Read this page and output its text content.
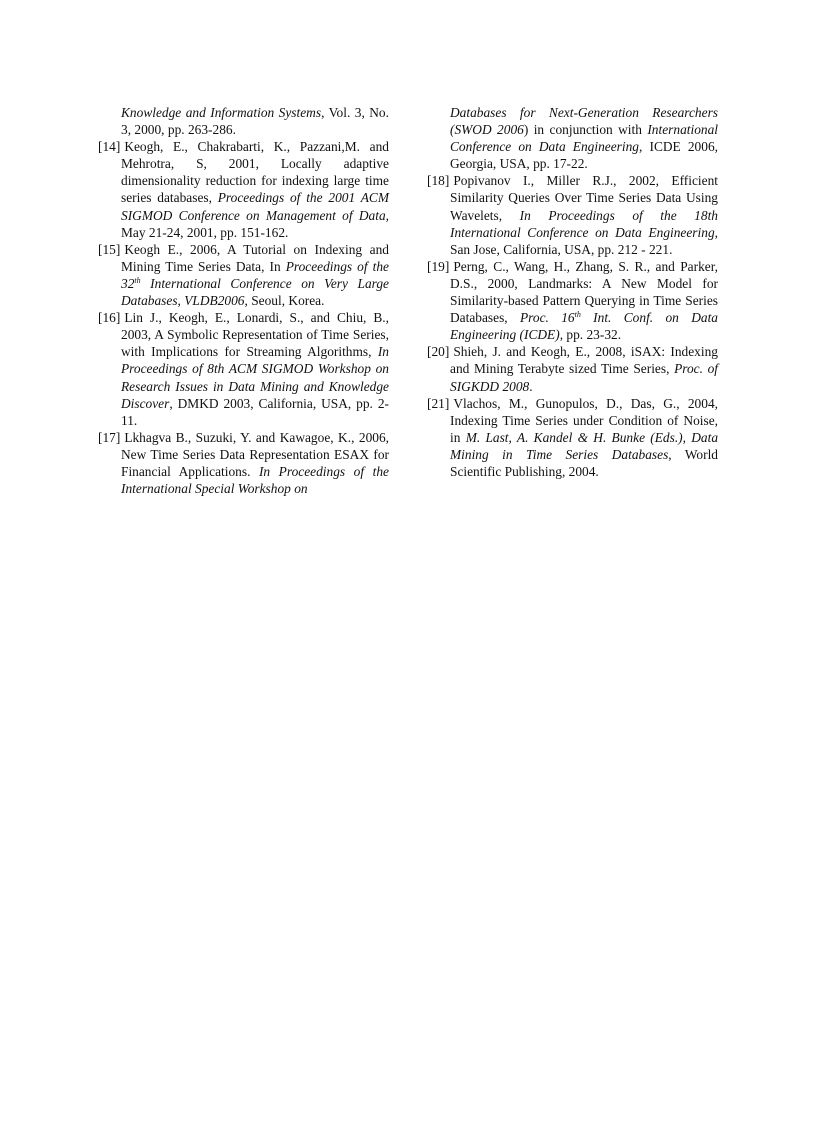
Knowledge and Information Systems, Vol. 3, No. 3, 2000, pp. 263-286.

[14] Keogh, E., Chakrabarti, K., Pazzani,M. and Mehrotra, S, 2001, Locally adaptive dimensionality reduction for indexing large time series databases, Proceedings of the 2001 ACM SIGMOD Conference on Management of Data, May 21-24, 2001, pp. 151-162.

[15] Keogh E., 2006, A Tutorial on Indexing and Mining Time Series Data, In Proceedings of the 32th International Conference on Very Large Databases, VLDB2006, Seoul, Korea.

[16] Lin J., Keogh, E., Lonardi, S., and Chiu, B., 2003, A Symbolic Representation of Time Series, with Implications for Streaming Algorithms, In Proceedings of 8th ACM SIGMOD Workshop on Research Issues in Data Mining and Knowledge Discover, DMKD 2003, California, USA, pp. 2-11.

[17] Lkhagva B., Suzuki, Y. and Kawagoe, K., 2006, New Time Series Data Representation ESAX for Financial Applications. In Proceedings of the International Special Workshop on

Databases for Next-Generation Researchers (SWOD 2006) in conjunction with International Conference on Data Engineering, ICDE 2006, Georgia, USA, pp. 17-22.

[18] Popivanov I., Miller R.J., 2002, Efficient Similarity Queries Over Time Series Data Using Wavelets, In Proceedings of the 18th International Conference on Data Engineering, San Jose, California, USA, pp. 212 - 221.

[19] Perng, C., Wang, H., Zhang, S. R., and Parker, D.S., 2000, Landmarks: A New Model for Similarity-based Pattern Querying in Time Series Databases, Proc. 16th Int. Conf. on Data Engineering (ICDE), pp. 23-32.

[20] Shieh, J. and Keogh, E., 2008, iSAX: Indexing and Mining Terabyte sized Time Series, Proc. of SIGKDD 2008.

[21] Vlachos, M., Gunopulos, D., Das, G., 2004, Indexing Time Series under Condition of Noise, in M. Last, A. Kandel & H. Bunke (Eds.), Data Mining in Time Series Databases, World Scientific Publishing, 2004.
